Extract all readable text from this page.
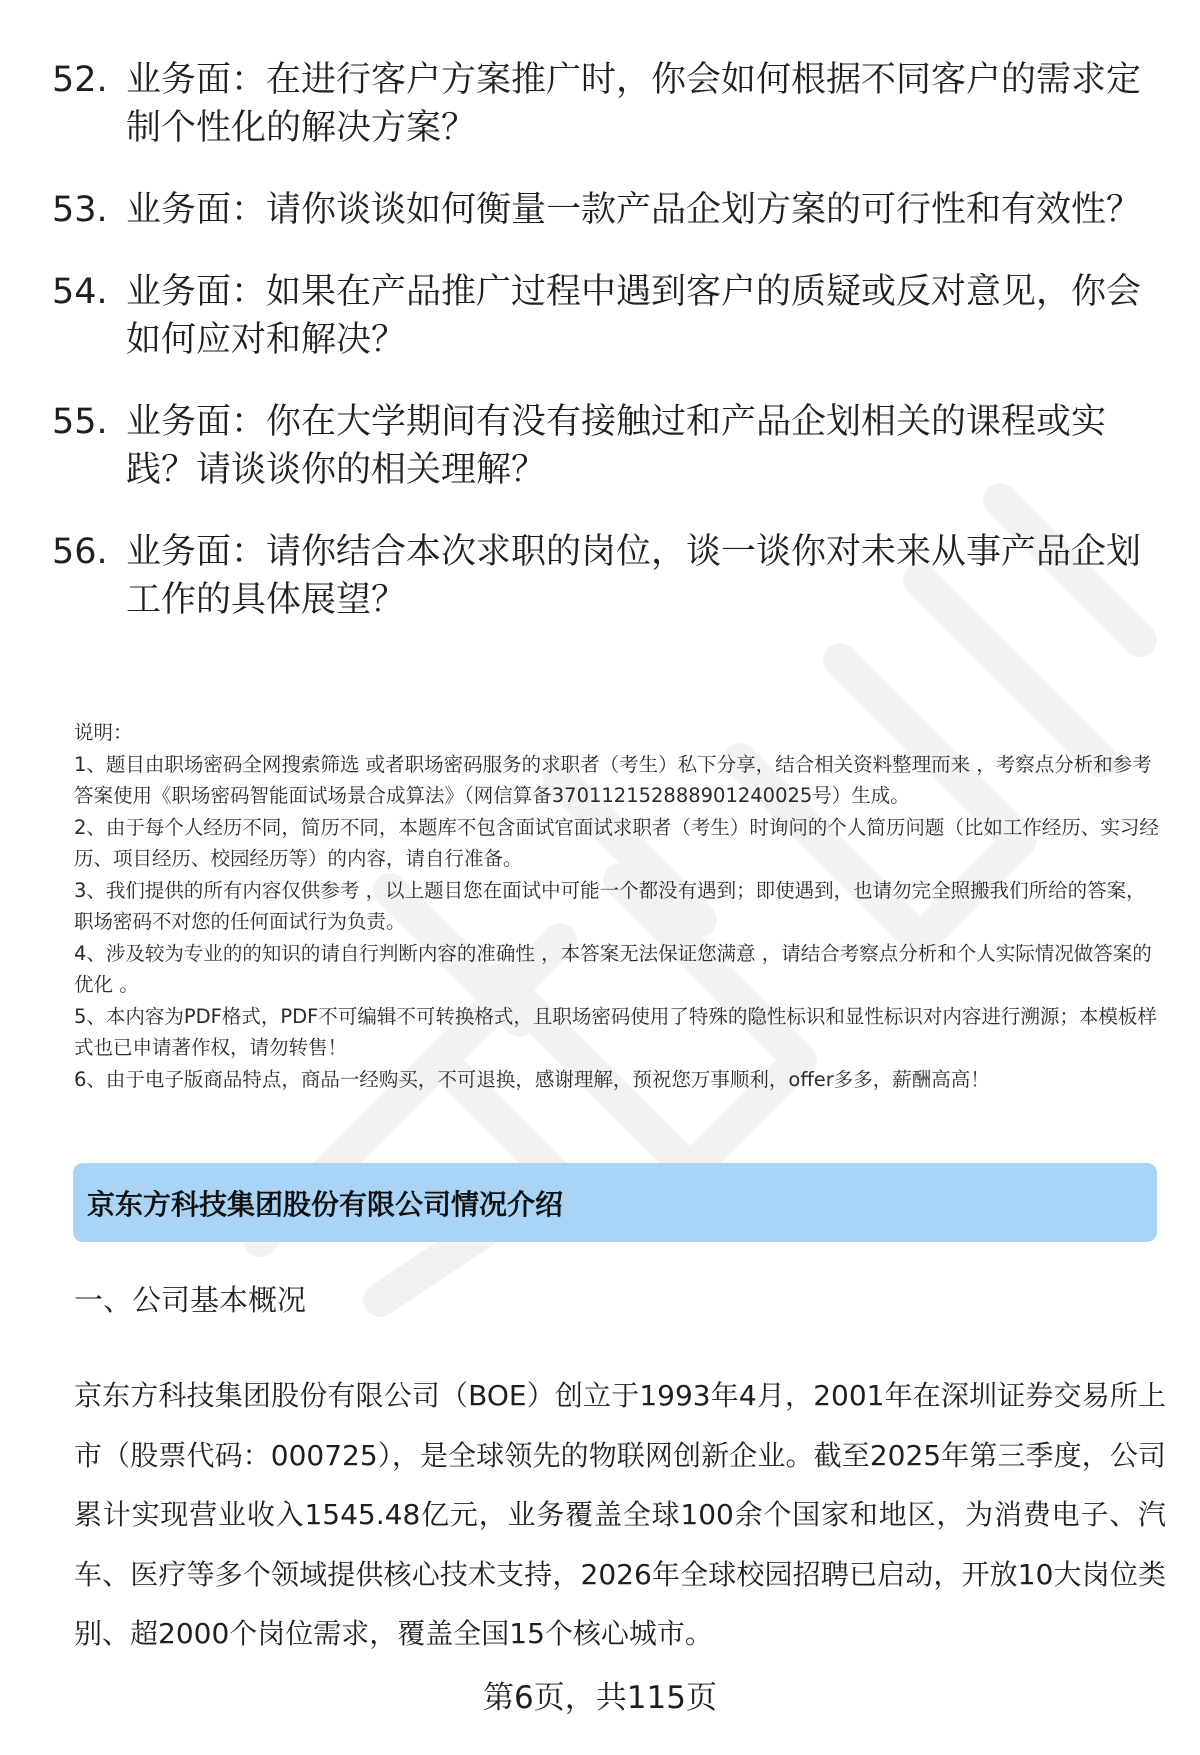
52. 业务面：在进行客户方案推广时，你会如何根据不同客户的需求定制个性化的解决方案？
53. 业务面：请你谈谈如何衡量一款产品企划方案的可行性和有效性？
54. 业务面：如果在产品推广过程中遇到客户的质疑或反对意见，你会如何应对和解决？
55. 业务面：你在大学期间有没有接触过和产品企划相关的课程或实践？请谈谈你的相关理解？
56. 业务面：请你结合本次求职的岗位，谈一谈你对未来从事产品企划工作的具体展望？

说明：

1、题目由职场密码全网搜索筛选 或者职场密码服务的求职者（考生）私下分享，结合相关资料整理而来 ，考察点分析和参考答案使用《职场密码智能面试场景合成算法》（网信算备370112152888901240025号）生成。

2、由于每个人经历不同，简历不同，本题库不包含面试官面试求职者（考生）时询问的个人简历问题（比如工作经历、实习经历、项目经历、校园经历等）的内容，请自行准备。

3、我们提供的所有内容仅供参考 ，以上题目您在面试中可能一个都没有遇到；即使遇到，也请勿完全照搬我们所给的答案，职场密码不对您的任何面试行为负责。

4、涉及较为专业的的知识的请自行判断内容的准确性 ，本答案无法保证您满意 ，请结合考察点分析和个人实际情况做答案的优化 。

5、本内容为PDF格式，PDF不可编辑不可转换格式，且职场密码使用了特殊的隐性标识和显性标识对内容进行溯源；本模板样式也已申请著作权，请勿转售！

6、由于电子版商品特点，商品一经购买，不可退换，感谢理解，预祝您万事顺利，offer多多，薪酬高高！

京东方科技集团股份有限公司情况介绍
一、公司基本概况
京东方科技集团股份有限公司（BOE）创立于1993年4月，2001年在深圳证券交易所上市（股票代码：000725），是全球领先的物联网创新企业。截至2025年第三季度，公司累计实现营业收入1545.48亿元，业务覆盖全球100余个国家和地区，为消费电子、汽车、医疗等多个领域提供核心技术支持，2026年全球校园招聘已启动，开放10大岗位类别、超2000个岗位需求，覆盖全国15个核心城市。
第6页，共115页
